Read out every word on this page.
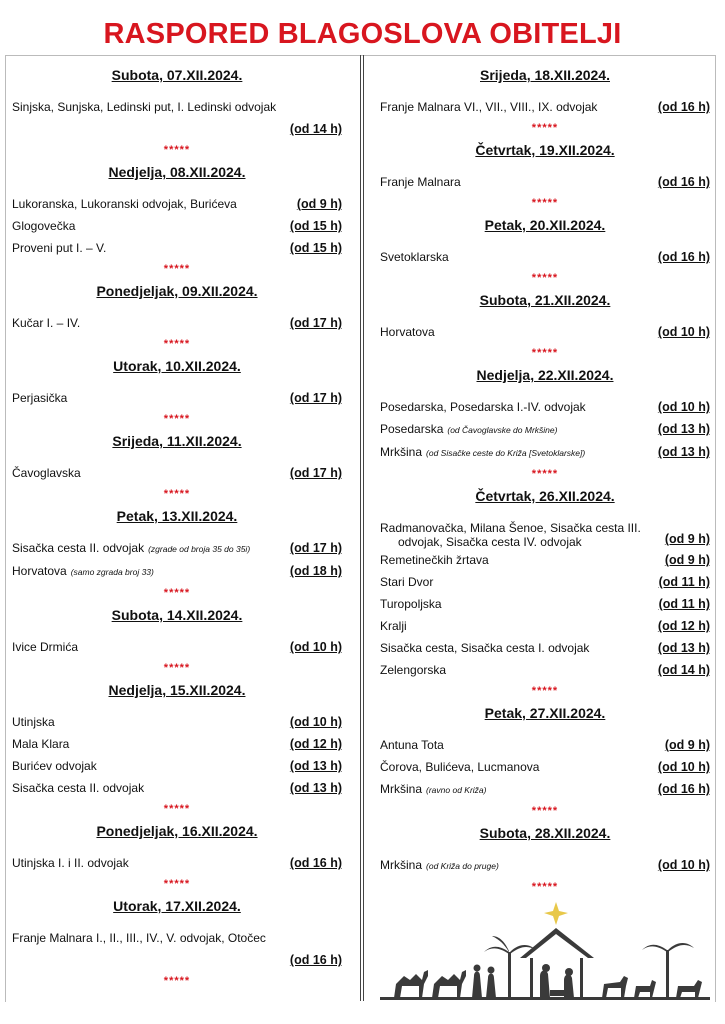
RASPORED BLAGOSLOVA OBITELJI
Subota, 07.XII.2024.
Sinjska, Sunjska, Ledinski put, I. Ledinski odvojak
(od 14 h)
*****
Nedjelja, 08.XII.2024.
Lukoranska, Lukoranski odvojak, Burićeva	(od 9 h)
Glogovečka	(od 15 h)
Proveni put I. – V.	(od 15 h)
*****
Ponedjeljak, 09.XII.2024.
Kučar I. – IV.	(od 17 h)
*****
Utorak, 10.XII.2024.
Perjasička	(od 17 h)
*****
Srijeda, 11.XII.2024.
Čavoglavska	(od 17 h)
*****
Petak, 13.XII.2024.
Sisačka cesta II. odvojak (zgrade od broja 35 do 35i)	(od 17 h)
Horvatova (samo zgrada broj 33)	(od 18 h)
*****
Subota, 14.XII.2024.
Ivice Drmića	(od 10 h)
*****
Nedjelja, 15.XII.2024.
Utinjska	(od 10 h)
Mala Klara	(od 12 h)
Burićev odvojak	(od 13 h)
Sisačka cesta II. odvojak	(od 13 h)
*****
Ponedjeljak, 16.XII.2024.
Utinjska I. i II. odvojak	(od 16 h)
*****
Utorak, 17.XII.2024.
Franje Malnara I., II., III., IV., V. odvojak, Otočec
(od 16 h)
*****
Srijeda, 18.XII.2024.
Franje Malnara VI., VII., VIII., IX. odvojak	(od 16 h)
*****
Četvrtak, 19.XII.2024.
Franje Malnara	(od 16 h)
*****
Petak, 20.XII.2024.
Svetoklarska	(od 16 h)
*****
Subota, 21.XII.2024.
Horvatova	(od 10 h)
*****
Nedjelja, 22.XII.2024.
Posedarska, Posedarska I.-IV. odvojak	(od 10 h)
Posedarska (od Čavoglavske do Mrkšine)	(od 13 h)
Mrkšina (od Sisačke ceste do Križa [Svetoklarske])	(od 13 h)
*****
Četvrtak, 26.XII.2024.
Radmanovačka, Milana Šenoe, Sisačka cesta III.
odvojak, Sisačka cesta IV. odvojak	(od 9 h)
Remetinečkih žrtava	(od 9 h)
Stari Dvor	(od 11 h)
Turopoljska	(od 11 h)
Kralji	(od 12 h)
Sisačka cesta, Sisačka cesta I. odvojak	(od 13 h)
Zelengorska	(od 14 h)
*****
Petak, 27.XII.2024.
Antuna Tota	(od 9 h)
Čorova, Bulićeva, Lucmanova	(od 10 h)
Mrkšina (ravno od Križa)	(od 16 h)
*****
Subota, 28.XII.2024.
Mrkšina (od Križa do pruge)	(od 10 h)
*****
